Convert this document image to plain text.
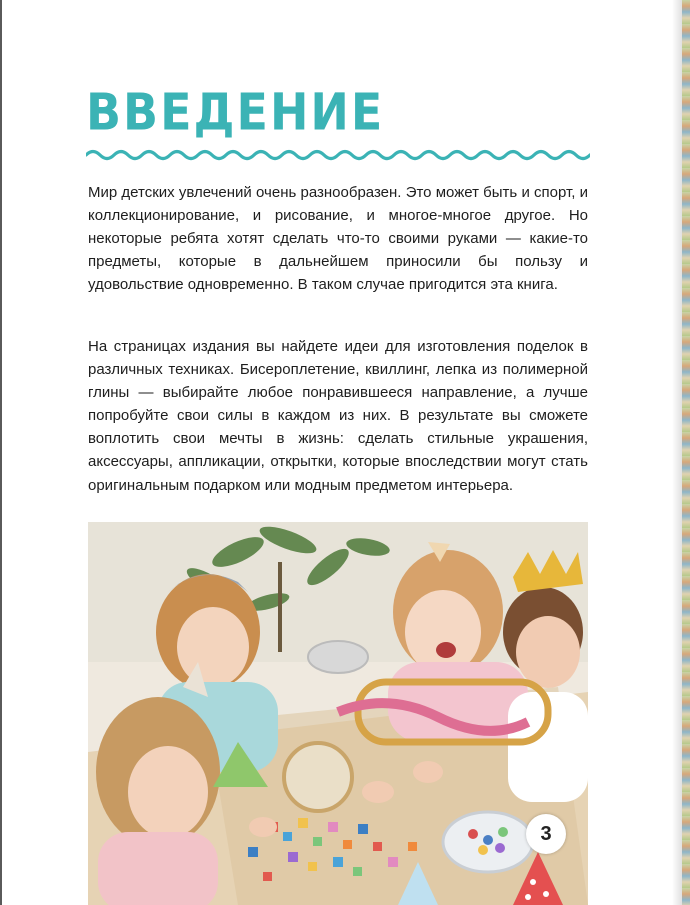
ВВЕДЕНИЕ

Мир детских увлечений очень разнообразен. Это может быть и спорт, и коллекционирование, и рисование, и многое-многое другое. Но некоторые ребята хотят сделать что-то своими руками — какие-то предметы, которые в дальнейшем приносили бы пользу и удовольствие одновременно. В таком случае пригодится эта книга.

На страницах издания вы найдете идеи для изготовления поделок в различных техниках. Бисероплетение, квиллинг, лепка из полимерной глины — выбирайте любое понравившееся направление, а лучше попробуйте свои силы в каждом из них. В результате вы сможете воплотить свои мечты в жизнь: сделать стильные украшения, аксессуары, аппликации, открытки, которые впоследствии могут стать оригинальным подарком или модным предметом интерьера.

3
